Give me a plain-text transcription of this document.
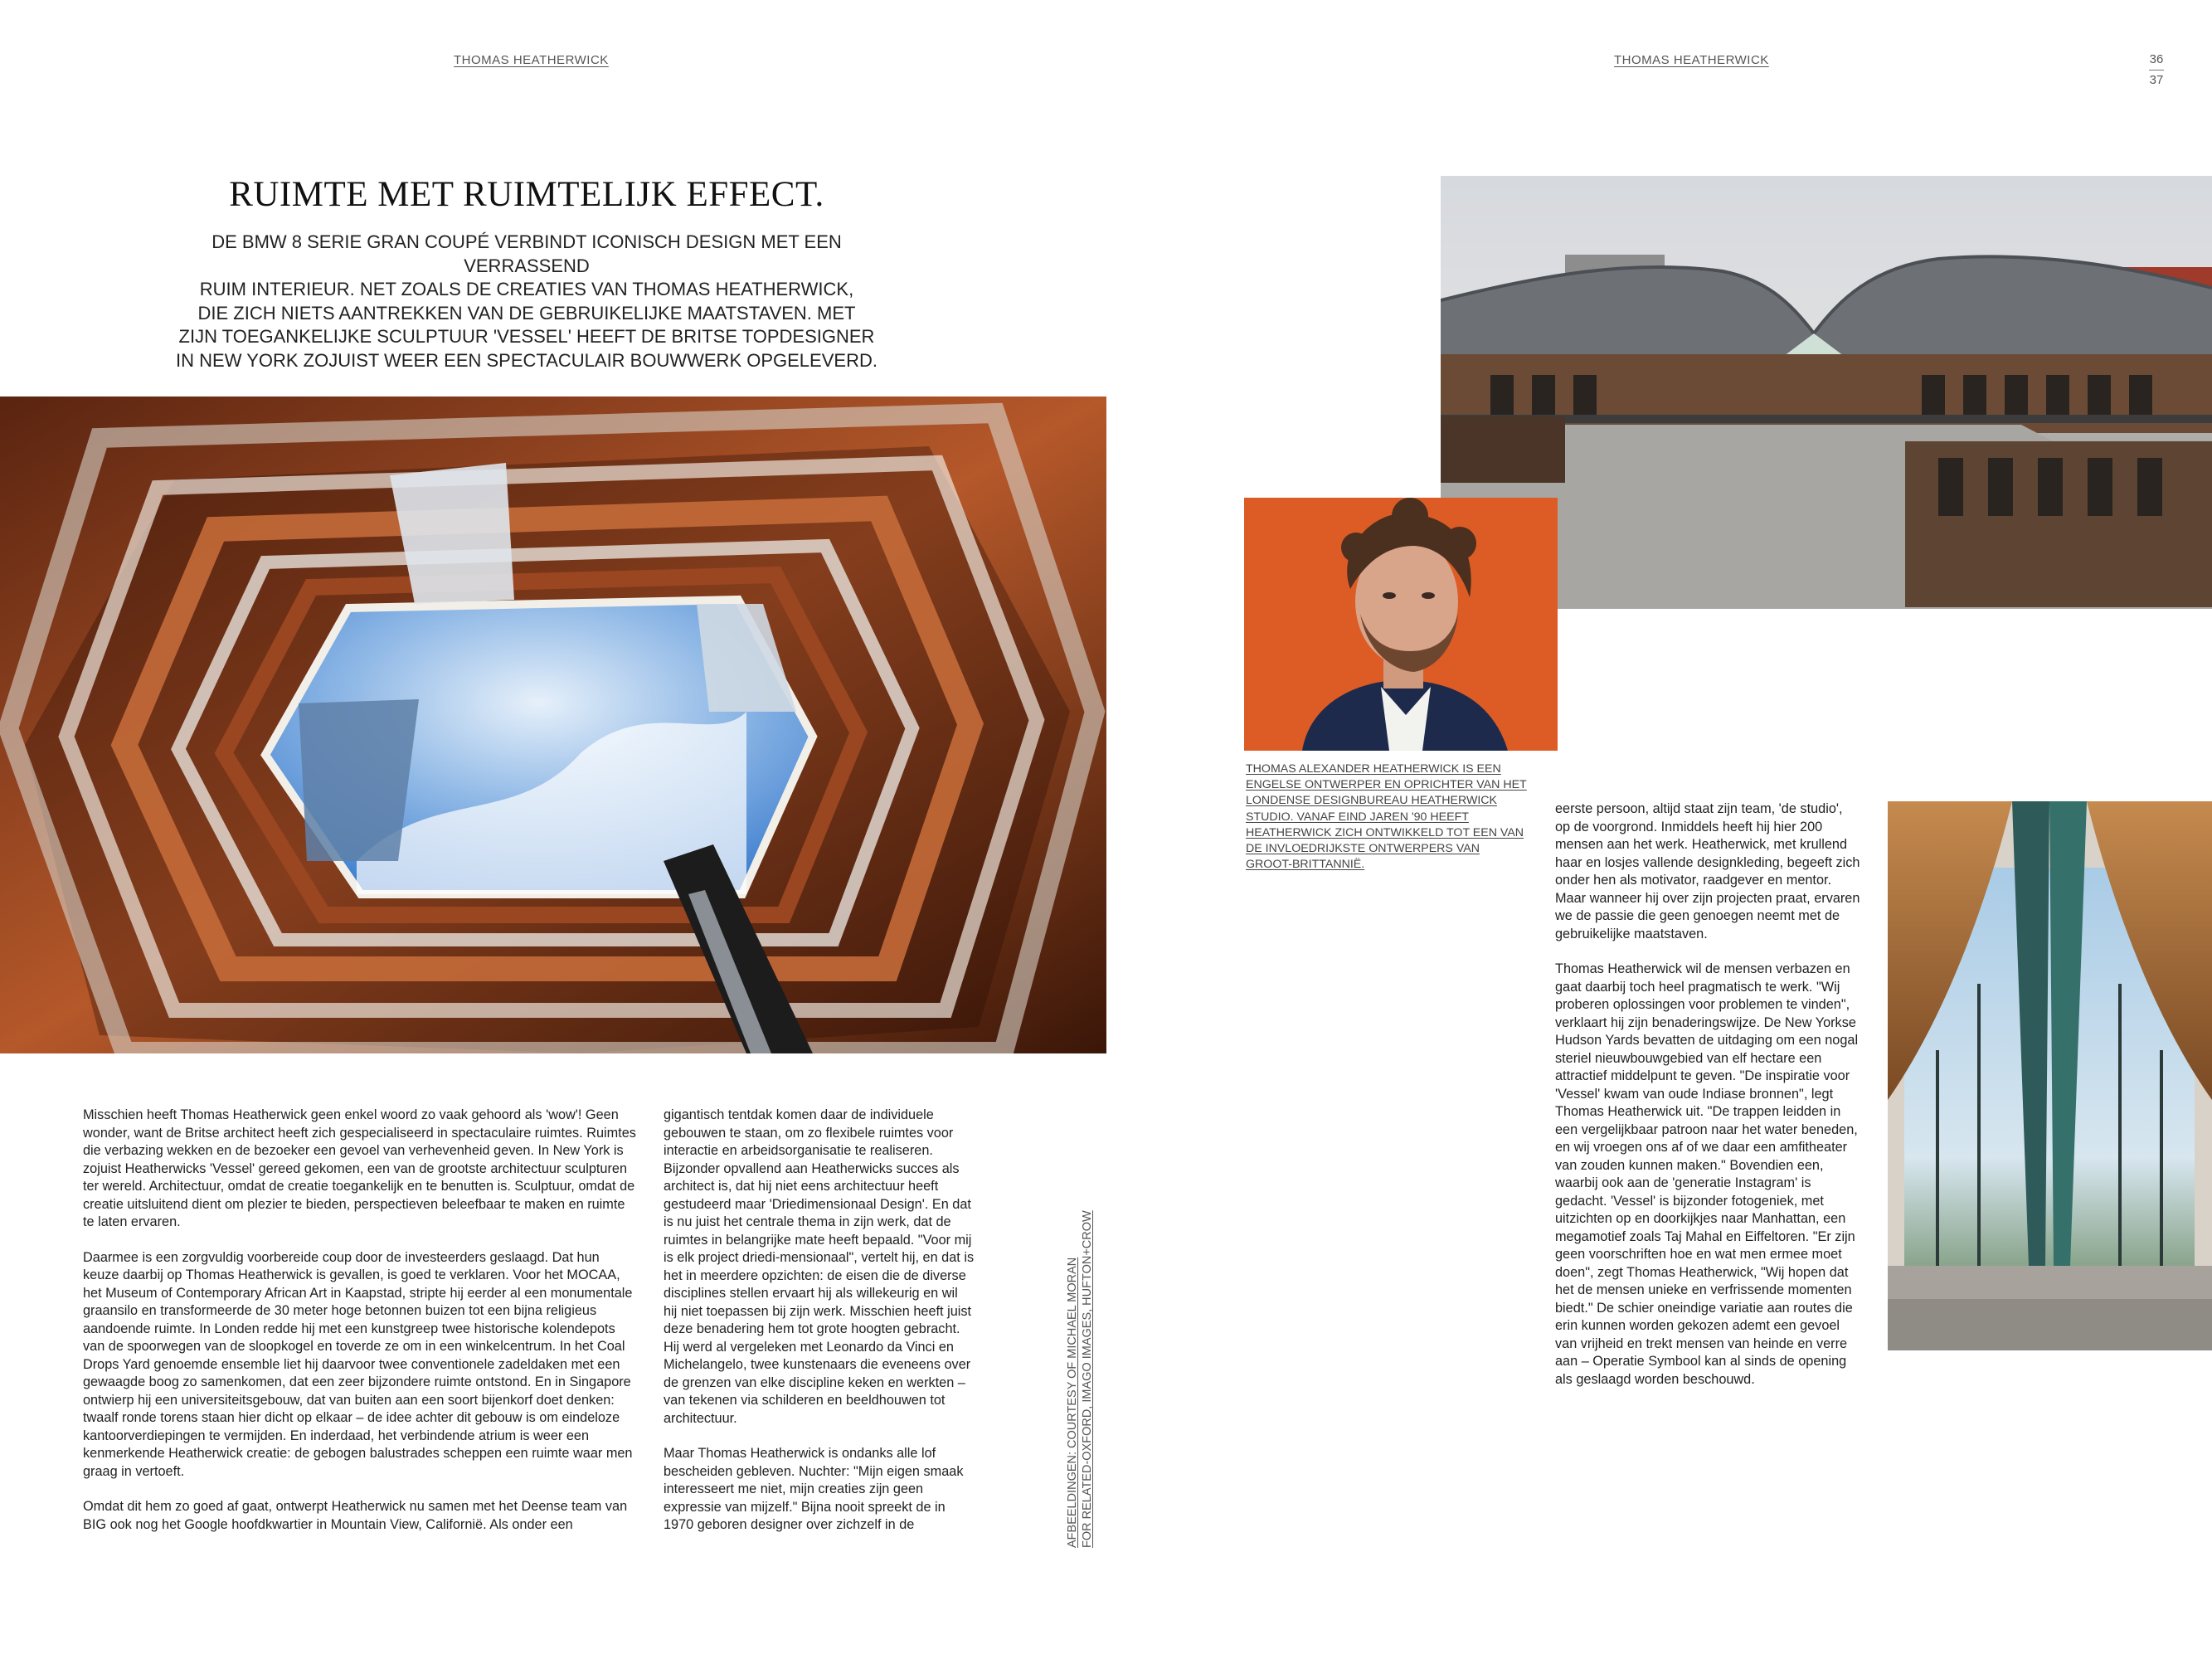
THOMAS HEATHERWICK	THOMAS HEATHERWICK	36
37
RUIMTE MET RUIMTELIJK EFFECT.
DE BMW 8 SERIE GRAN COUPÉ VERBINDT ICONISCH DESIGN MET EEN VERRASSEND
RUIM INTERIEUR. NET ZOALS DE CREATIES VAN THOMAS HEATHERWICK,
DIE ZICH NIETS AANTREKKEN VAN DE GEBRUIKELIJKE MAATSTAVEN. MET
ZIJN TOEGANKELIJKE SCULPTUUR 'VESSEL' HEEFT DE BRITSE TOPDESIGNER
IN NEW YORK ZOJUIST WEER EEN SPECTACULAIR BOUWWERK OPGELEVERD.

Misschien heeft Thomas Heatherwick geen enkel woord zo vaak gehoord als 'wow'! Geen wonder, want de Britse architect heeft zich gespecialiseerd in spectaculaire ruimtes. Ruimtes die verbazing wekken en de bezoeker een gevoel van verhevenheid geven. In New York is zojuist Heatherwicks 'Vessel' gereed gekomen, een van de grootste architectuur sculpturen ter wereld. Architectuur, omdat de creatie toegankelijk en te benutten is. Sculptuur, omdat de creatie uitsluitend dient om plezier te bieden, perspectieven beleefbaar te maken en ruimte te laten ervaren.

Daarmee is een zorgvuldig voorbereide coup door de investeerders geslaagd. Dat hun keuze daarbij op Thomas Heatherwick is gevallen, is goed te verklaren. Voor het MOCAA, het Museum of Contemporary African Art in Kaapstad, stripte hij eerder al een monumentale graansilo en transformeerde de 30 meter hoge betonnen buizen tot een bijna religieus aandoende ruimte. In Londen redde hij met een kunstgreep twee historische kolendepots van de spoorwegen van de sloopkogel en toverde ze om in een winkelcentrum. In het Coal Drops Yard genoemde ensemble liet hij daarvoor twee conventionele zadeldaken met een gewaagde boog zo samenkomen, dat een zeer bijzondere ruimte ontstond. En in Singapore ontwierp hij een universiteitsgebouw, dat van buiten aan een soort bijenkorf doet denken: twaalf ronde torens staan hier dicht op elkaar – de idee achter dit gebouw is om eindeloze kantoorverdiepingen te vermijden. En inderdaad, het verbindende atrium is weer een kenmerkende Heatherwick creatie: de gebogen balustrades scheppen een ruimte waar men graag in vertoeft.

Omdat dit hem zo goed af gaat, ontwerpt Heatherwick nu samen met het Deense team van BIG ook nog het Google hoofdkwartier in Mountain View, Californië. Als onder een

gigantisch tentdak komen daar de individuele gebouwen te staan, om zo flexibele ruimtes voor interactie en arbeidsorganisatie te realiseren. Bijzonder opvallend aan Heatherwicks succes als architect is, dat hij niet eens architectuur heeft gestudeerd maar 'Driedimensionaal Design'. En dat is nu juist het centrale thema in zijn werk, dat de ruimtes in belangrijke mate heeft bepaald. "Voor mij is elk project driedi-mensionaal", vertelt hij, en dat is het in meerdere opzichten: de eisen die de diverse disciplines stellen ervaart hij als willekeurig en wil hij niet toepassen bij zijn werk. Misschien heeft juist deze benadering hem tot grote hoogten gebracht. Hij werd al vergeleken met Leonardo da Vinci en Michelangelo, twee kunstenaars die eveneens over de grenzen van elke discipline keken en werkten – van tekenen via schilderen en beeldhouwen tot architectuur.

Maar Thomas Heatherwick is ondanks alle lof bescheiden gebleven. Nuchter: "Mijn eigen smaak interesseert me niet, mijn creaties zijn geen expressie van mijzelf." Bijna nooit spreekt de in 1970 geboren designer over zichzelf in de	AFBEELDINGEN: COURTESY OF MICHAEL MORAN FOR RELATED-OXFORD, IMAGO IMAGES, HUFTON+CROW
THOMAS ALEXANDER HEATHERWICK IS EEN ENGELSE ONTWERPER EN OPRICHTER VAN HET LONDENSE DESIGNBUREAU HEATHERWICK STUDIO. VANAF EIND JAREN '90 HEEFT HEATHERWICK ZICH ONTWIKKELD TOT EEN VAN DE INVLOEDRIJKSTE ONTWERPERS VAN GROOT-BRITTANNIË.

eerste persoon, altijd staat zijn team, 'de studio', op de voorgrond. Inmiddels heeft hij hier 200 mensen aan het werk. Heatherwick, met krullend haar en losjes vallende designkleding, begeeft zich onder hen als motivator, raadgever en mentor. Maar wanneer hij over zijn projecten praat, ervaren we de passie die geen genoegen neemt met de gebruikelijke maatstaven.

Thomas Heatherwick wil de mensen verbazen en gaat daarbij toch heel pragmatisch te werk. "Wij proberen oplossingen voor problemen te vinden", verklaart hij zijn benaderingswijze. De New Yorkse Hudson Yards bevatten de uitdaging om een nogal steriel nieuwbouwgebied van elf hectare een attractief middelpunt te geven. "De inspiratie voor 'Vessel' kwam van oude Indiase bronnen", legt Thomas Heatherwick uit. "De trappen leidden in een vergelijkbaar patroon naar het water beneden, en wij vroegen ons af of we daar een amfitheater van zouden kunnen maken." Bovendien een, waarbij ook aan de 'generatie Instagram' is gedacht. 'Vessel' is bijzonder fotogeniek, met uitzichten op en doorkijkjes naar Manhattan, een megamotief zoals Taj Mahal en Eiffeltoren. "Er zijn geen voorschriften hoe en wat men ermee moet doen", zegt Thomas Heatherwick, "Wij hopen dat het de mensen unieke en verfrissende momenten biedt." De schier oneindige variatie aan routes die erin kunnen worden gekozen ademt een gevoel van vrijheid en trekt mensen van heinde en verre aan – Operatie Symbool kan al sinds de opening als geslaagd worden beschouwd.
